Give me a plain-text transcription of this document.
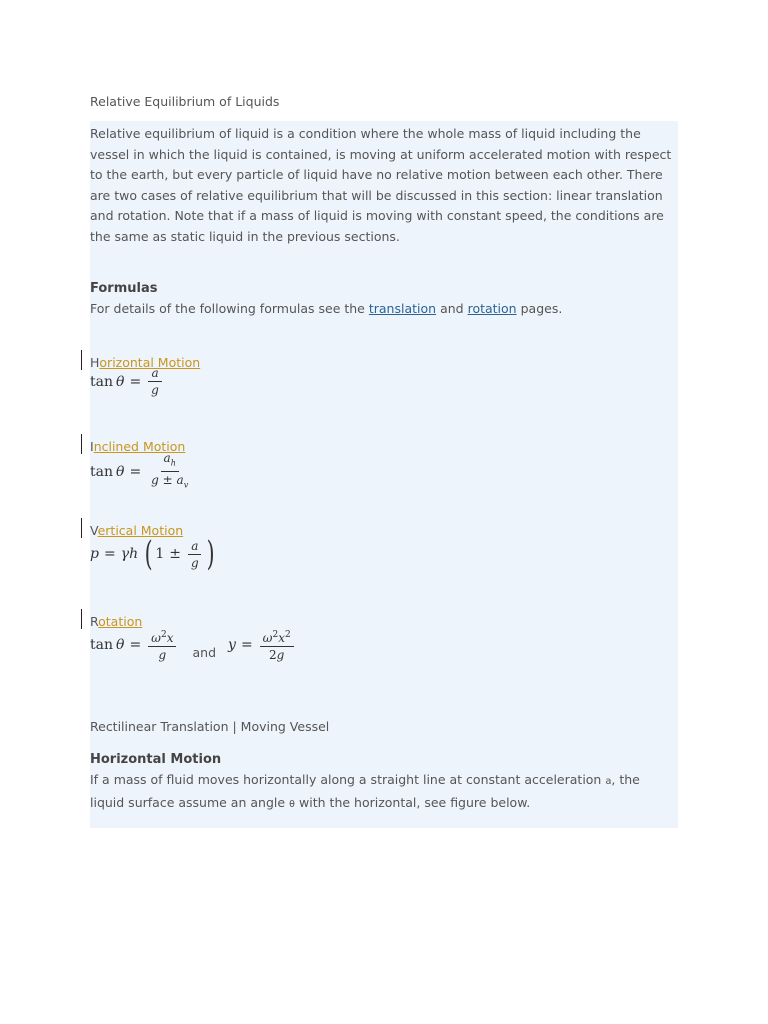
Relative Equilibrium of Liquids
Relative equilibrium of liquid is a condition where the whole mass of liquid including the vessel in which the liquid is contained, is moving at uniform accelerated motion with respect to the earth, but every particle of liquid have no relative motion between each other. There are two cases of relative equilibrium that will be discussed in this section: linear translation and rotation. Note that if a mass of liquid is moving with constant speed, the conditions are the same as static liquid in the previous sections.
Formulas
For details of the following formulas see the translation and rotation pages.
Horizontal Motion
$\tan \theta = \frac{a}{g}$
Inclined Motion
$\tan \theta = \frac{a_h}{g \pm a_v}$
Vertical Motion
p = γh ( $1 \pm \frac{a}{g}$ )
Rotation
$\tan \theta = \frac{\omega^2x}{g}$ and $y = \frac{\omega^2x^2}{2g}$
Rectilinear Translation | Moving Vessel
Horizontal Motion
If a mass of fluid moves horizontally along a straight line at constant acceleration a, the liquid surface assume an angle θ with the horizontal, see figure below.
